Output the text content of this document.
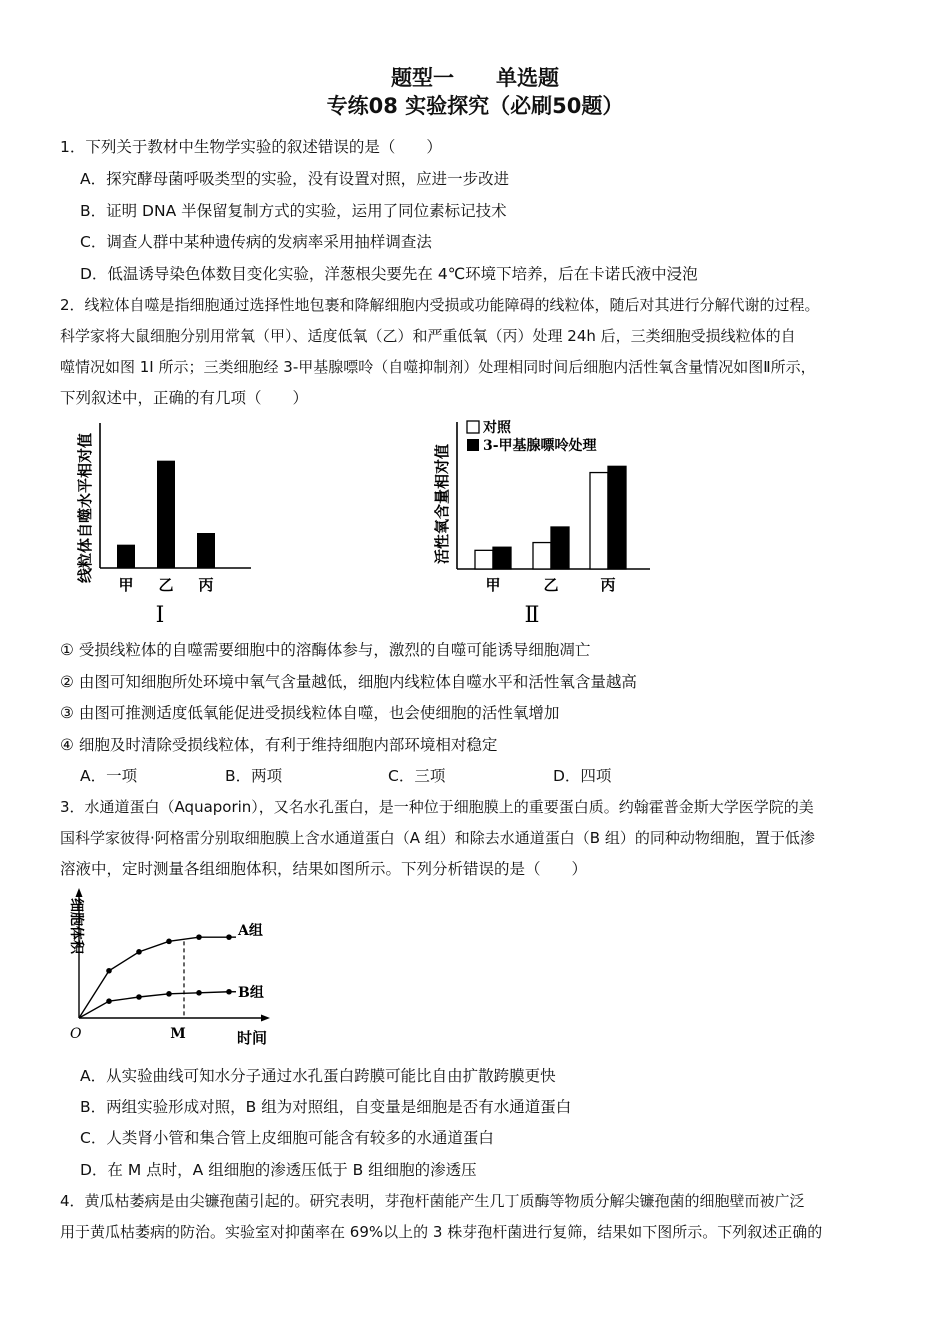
题型一　　单选题
专练08 实验探究（必刷50题）
1．下列关于教材中生物学实验的叙述错误的是（　　）
A．探究酵母菌呼吸类型的实验，没有设置对照，应进一步改进
B．证明 DNA 半保留复制方式的实验，运用了同位素标记技术
C．调查人群中某种遗传病的发病率采用抽样调查法
D．低温诱导染色体数目变化实验，洋葱根尖要先在 4℃环境下培养，后在卡诺氏液中浸泡
2．线粒体自噬是指细胞通过选择性地包裹和降解细胞内受损或功能障碍的线粒体，随后对其进行分解代谢的过程。
科学家将大鼠细胞分别用常氧（甲）、适度低氧（乙）和严重低氧（丙）处理 24h 后，三类细胞受损线粒体的自
噬情况如图 1Ⅰ 所示；三类细胞经 3-甲基腺嘌呤（自噬抑制剂）处理相同时间后细胞内活性氧含量情况如图Ⅱ所示，
下列叙述中，正确的有几项（　　）
线粒体自噬水平相对值
甲 乙 丙
Ⅰ
活性氧含量相对值
对照
3-甲基腺嘌呤处理
甲	乙	丙
Ⅱ
① 受损线粒体的自噬需要细胞中的溶酶体参与，激烈的自噬可能诱导细胞凋亡
② 由图可知细胞所处环境中氧气含量越低，细胞内线粒体自噬水平和活性氧含量越高
③ 由图可推测适度低氧能促进受损线粒体自噬，也会使细胞的活性氧增加
④ 细胞及时清除受损线粒体，有利于维持细胞内部环境相对稳定
A．一项	B．两项	C．三项	D．四项
3．水通道蛋白（Aquaporin），又名水孔蛋白，是一种位于细胞膜上的重要蛋白质。约翰霍普金斯大学医学院的美
国科学家彼得·阿格雷分别取细胞膜上含水通道蛋白（A 组）和除去水通道蛋白（B 组）的同种动物细胞，置于低渗
溶液中，定时测量各组细胞体积，结果如图所示。下列分析错误的是（　　）
细胞体积
O	M	时间
A组
B组
A．从实验曲线可知水分子通过水孔蛋白跨膜可能比自由扩散跨膜更快
B．两组实验形成对照，B 组为对照组，自变量是细胞是否有水通道蛋白
C．人类肾小管和集合管上皮细胞可能含有较多的水通道蛋白
D．在 M 点时，A 组细胞的渗透压低于 B 组细胞的渗透压
4．黄瓜枯萎病是由尖镰孢菌引起的。研究表明，芽孢杆菌能产生几丁质酶等物质分解尖镰孢菌的细胞壁而被广泛
用于黄瓜枯萎病的防治。实验室对抑菌率在 69%以上的 3 株芽孢杆菌进行复筛，结果如下图所示。下列叙述正确的
